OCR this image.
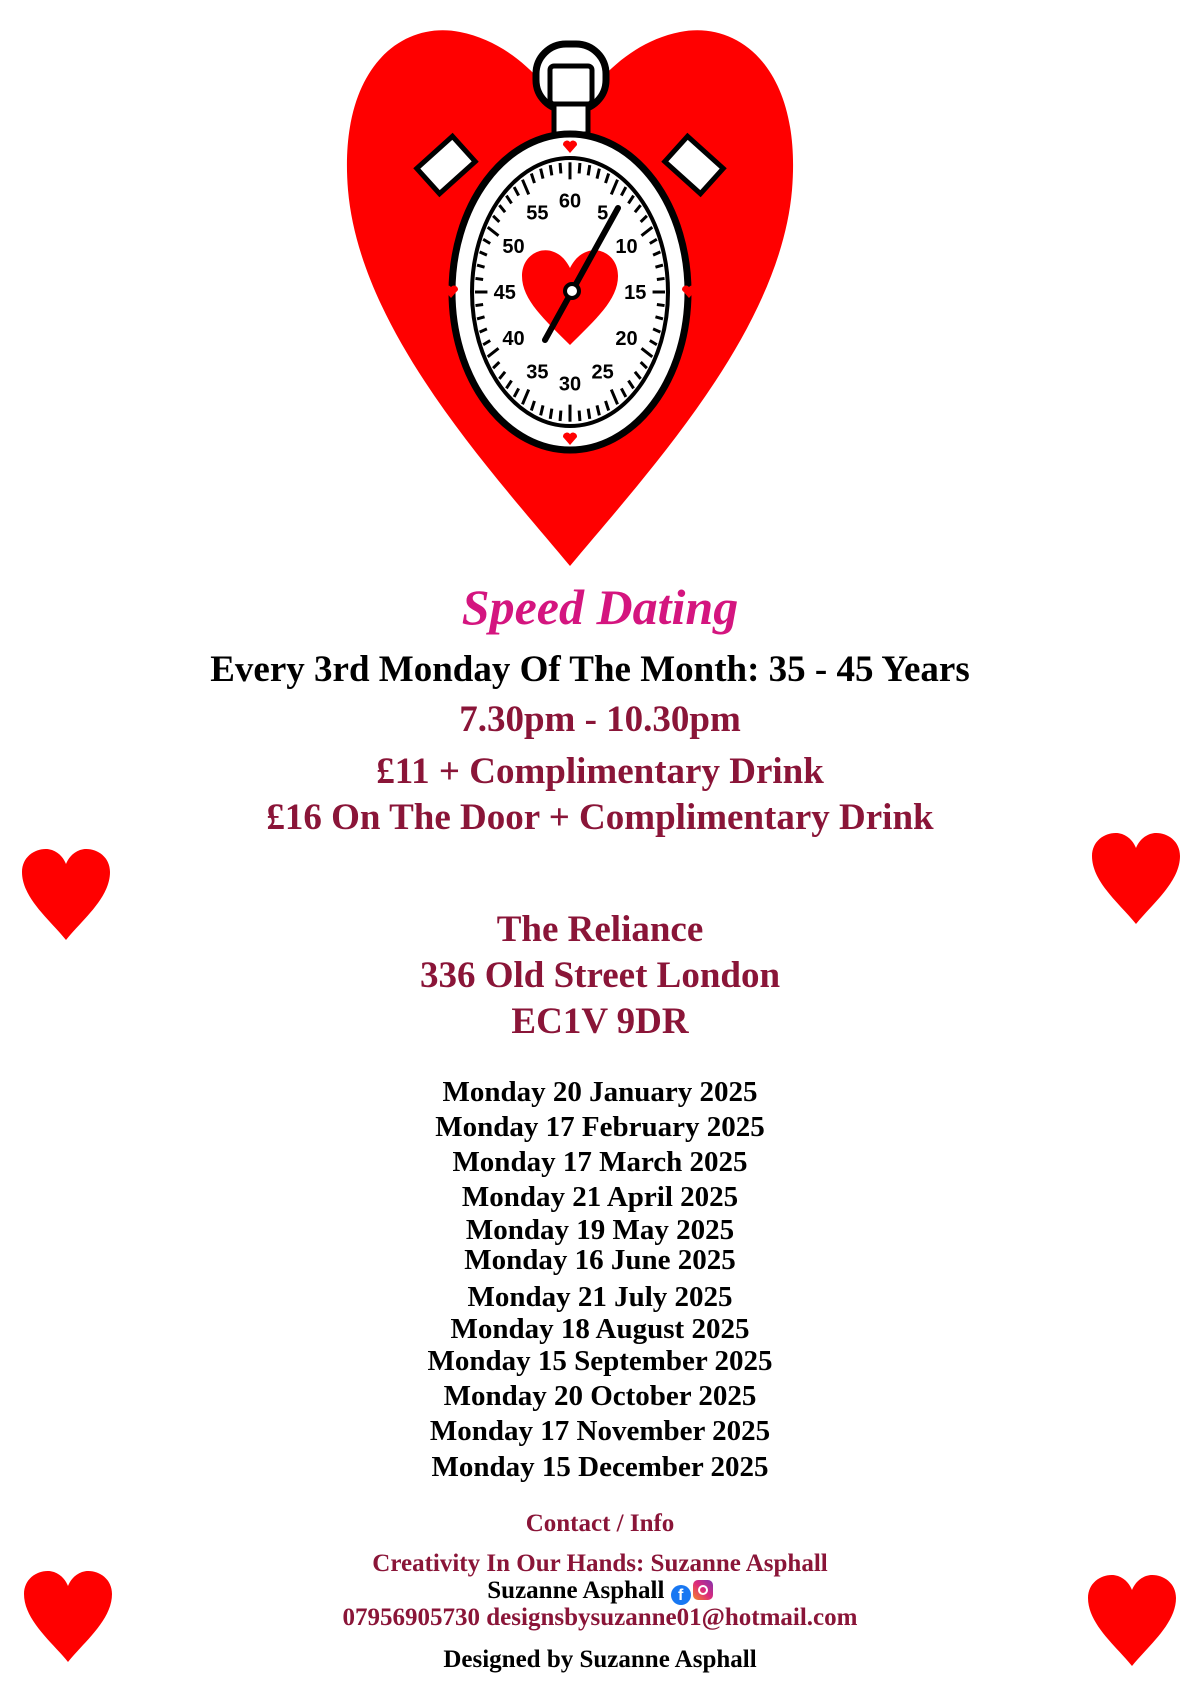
60
5
10
15
20
25
30
35
40
45
50
55
Speed Dating
Every 3rd Monday Of The Month: 35 - 45 Years
7.30pm - 10.30pm
£11 + Complimentary Drink
£16 On The Door + Complimentary Drink
The Reliance
336 Old Street London
EC1V 9DR
Monday 20 January 2025
Monday 17 February 2025
Monday 17 March 2025
Monday 21 April 2025
Monday 19 May 2025
Monday 16 June 2025
Monday 21 July 2025
Monday 18 August 2025
Monday 15 September 2025
Monday 20 October 2025
Monday 17 November 2025
Monday 15 December 2025
Contact / Info
Creativity In Our Hands: Suzanne Asphall
Suzanne Asphall f
07956905730 designsbysuzanne01@hotmail.com
Designed by Suzanne Asphall
